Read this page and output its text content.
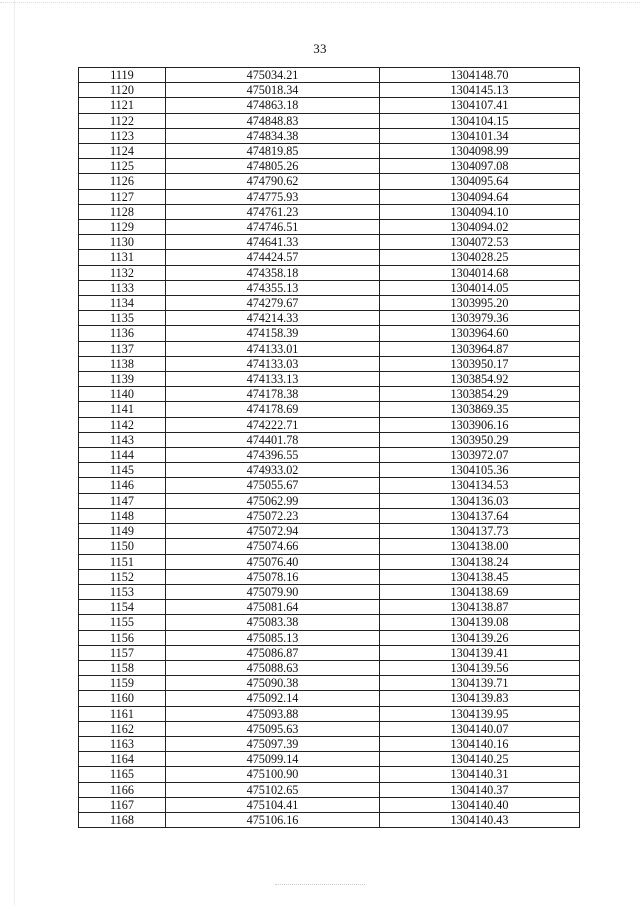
33
1119	475034.21	1304148.70
1120	475018.34	1304145.13
1121	474863.18	1304107.41
1122	474848.83	1304104.15
1123	474834.38	1304101.34
1124	474819.85	1304098.99
1125	474805.26	1304097.08
1126	474790.62	1304095.64
1127	474775.93	1304094.64
1128	474761.23	1304094.10
1129	474746.51	1304094.02
1130	474641.33	1304072.53
1131	474424.57	1304028.25
1132	474358.18	1304014.68
1133	474355.13	1304014.05
1134	474279.67	1303995.20
1135	474214.33	1303979.36
1136	474158.39	1303964.60
1137	474133.01	1303964.87
1138	474133.03	1303950.17
1139	474133.13	1303854.92
1140	474178.38	1303854.29
1141	474178.69	1303869.35
1142	474222.71	1303906.16
1143	474401.78	1303950.29
1144	474396.55	1303972.07
1145	474933.02	1304105.36
1146	475055.67	1304134.53
1147	475062.99	1304136.03
1148	475072.23	1304137.64
1149	475072.94	1304137.73
1150	475074.66	1304138.00
1151	475076.40	1304138.24
1152	475078.16	1304138.45
1153	475079.90	1304138.69
1154	475081.64	1304138.87
1155	475083.38	1304139.08
1156	475085.13	1304139.26
1157	475086.87	1304139.41
1158	475088.63	1304139.56
1159	475090.38	1304139.71
1160	475092.14	1304139.83
1161	475093.88	1304139.95
1162	475095.63	1304140.07
1163	475097.39	1304140.16
1164	475099.14	1304140.25
1165	475100.90	1304140.31
1166	475102.65	1304140.37
1167	475104.41	1304140.40
1168	475106.16	1304140.43
